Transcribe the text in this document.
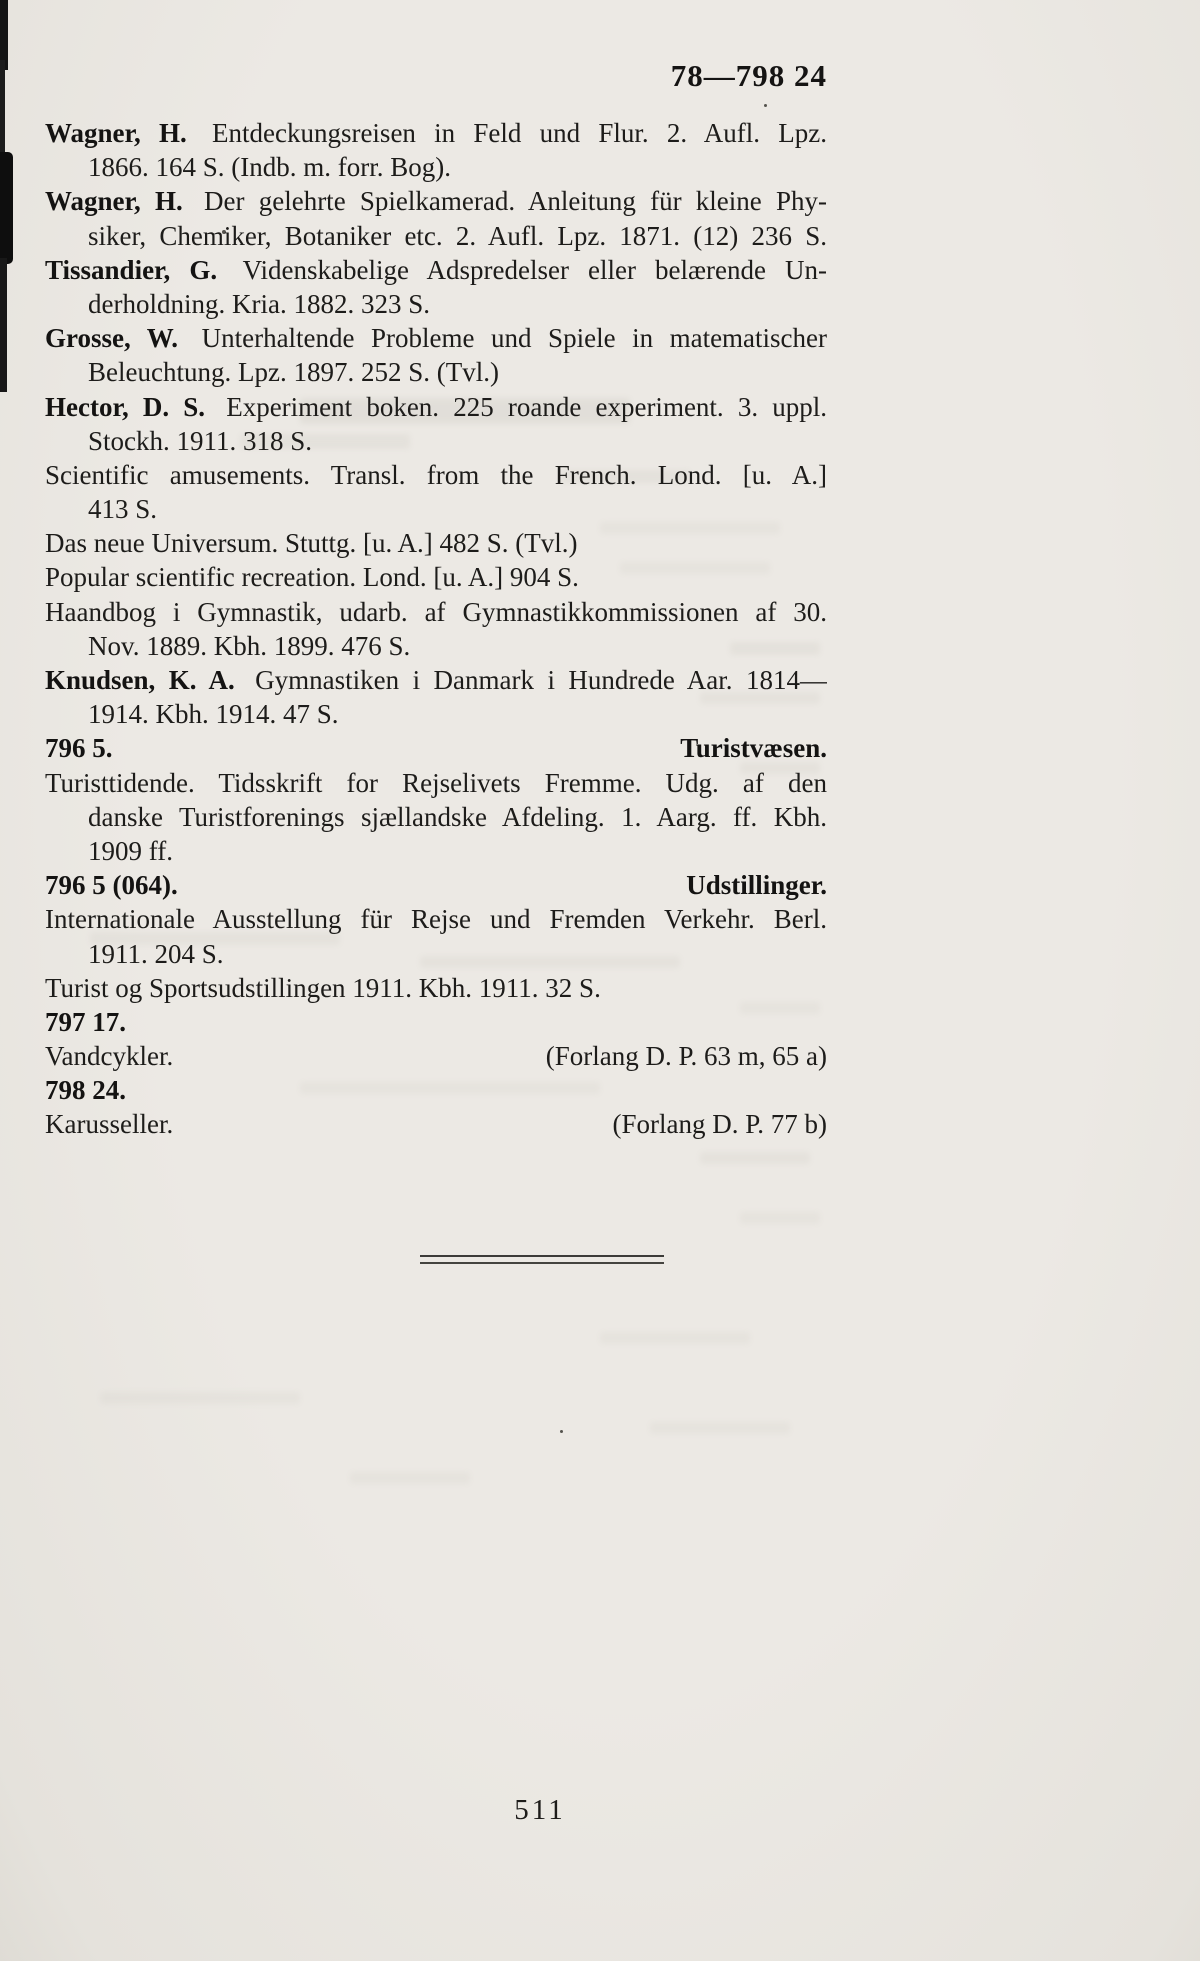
78—798 24
Wagner, H. Entdeckungsreisen in Feld und Flur. 2. Aufl. Lpz.
1866. 164 S. (Indb. m. forr. Bog).
Wagner, H. Der gelehrte Spielkamerad. Anleitung für kleine Phy-
siker, Chemiker, Botaniker etc. 2. Aufl. Lpz. 1871. (12) 236 S.
Tissandier, G. Videnskabelige Adspredelser eller belærende Un-
derholdning. Kria. 1882. 323 S.
Grosse, W. Unterhaltende Probleme und Spiele in matematischer
Beleuchtung. Lpz. 1897. 252 S. (Tvl.)
Hector, D. S. Experiment boken. 225 roande experiment. 3. uppl.
Stockh. 1911. 318 S.
Scientific amusements. Transl. from the French. Lond. [u. A.]
413 S.
Das neue Universum. Stuttg. [u. A.] 482 S. (Tvl.)
Popular scientific recreation. Lond. [u. A.] 904 S.
Haandbog i Gymnastik, udarb. af Gymnastikkommissionen af 30.
Nov. 1889. Kbh. 1899. 476 S.
Knudsen, K. A. Gymnastiken i Danmark i Hundrede Aar. 1814—
1914. Kbh. 1914. 47 S.
796 5.	Turistvæsen.
Turisttidende. Tidsskrift for Rejselivets Fremme. Udg. af den
danske Turistforenings sjællandske Afdeling. 1. Aarg. ff. Kbh.
1909 ff.
796 5 (064).	Udstillinger.
Internationale Ausstellung für Rejse und Fremden Verkehr. Berl.
1911. 204 S.
Turist og Sportsudstillingen 1911. Kbh. 1911. 32 S.
797 17.
Vandcykler.	(Forlang D. P. 63 m, 65 a)
798 24.
Karusseller.	(Forlang D. P. 77 b)
511
